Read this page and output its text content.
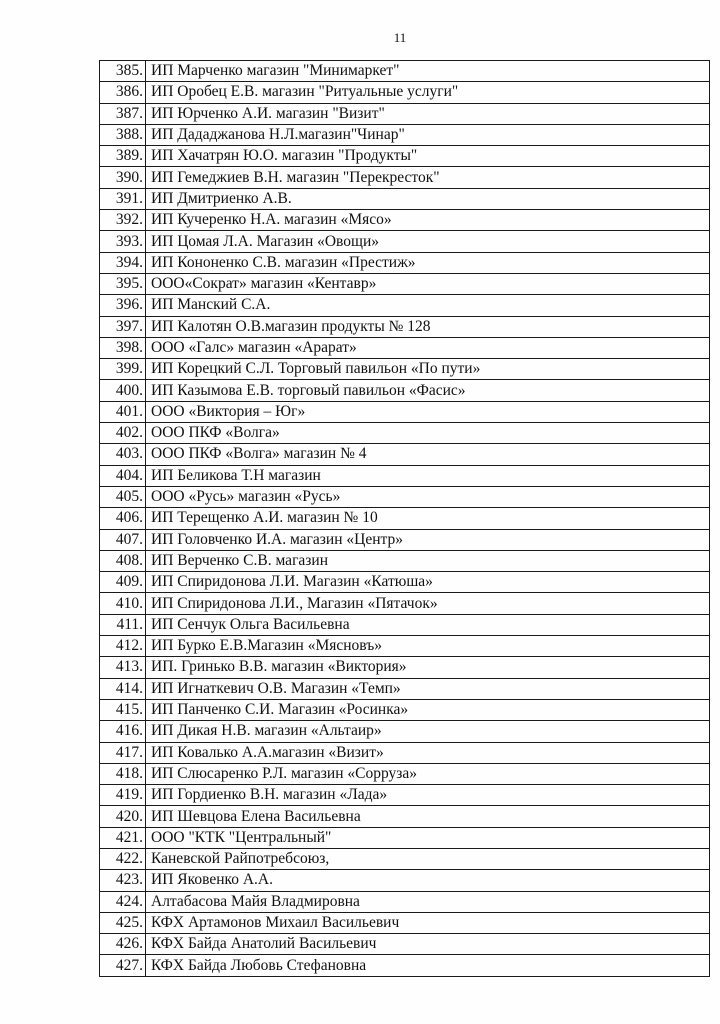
11
385.	ИП Марченко магазин "Минимаркет"
386.	ИП Оробец Е.В. магазин "Ритуальные услуги"
387.	ИП Юрченко А.И. магазин "Визит"
388.	ИП Дададжанова Н.Л.магазин"Чинар"
389.	ИП Хачатрян Ю.О. магазин "Продукты"
390.	ИП Гемеджиев В.Н. магазин "Перекресток"
391.	ИП Дмитриенко А.В.
392.	ИП Кучеренко Н.А. магазин «Мясо»
393.	ИП Цомая Л.А. Магазин «Овощи»
394.	ИП Кононенко С.В. магазин «Престиж»
395.	ООО«Сократ» магазин «Кентавр»
396.	ИП Манский С.А.
397.	ИП Калотян О.В.магазин продукты № 128
398.	ООО «Галс» магазин «Арарат»
399.	ИП Корецкий С.Л. Торговый павильон «По пути»
400.	ИП Казымова Е.В. торговый павильон «Фасис»
401.	ООО «Виктория – Юг»
402.	ООО ПКФ «Волга»
403.	ООО ПКФ «Волга» магазин № 4
404.	ИП Беликова Т.Н магазин
405.	ООО «Русь» магазин «Русь»
406.	ИП Терещенко А.И. магазин № 10
407.	ИП Головченко И.А. магазин «Центр»
408.	ИП Верченко С.В. магазин
409.	ИП Спиридонова Л.И. Магазин «Катюша»
410.	ИП Спиридонова Л.И., Магазин «Пятачок»
411.	ИП Сенчук Ольга Васильевна
412.	ИП Бурко Е.В.Магазин «Мясновъ»
413.	ИП. Гринько В.В. магазин «Виктория»
414.	ИП Игнаткевич О.В. Магазин «Темп»
415.	ИП Панченко С.И. Магазин «Росинка»
416.	ИП Дикая Н.В. магазин «Альтаир»
417.	ИП Ковалько А.А.магазин «Визит»
418.	ИП Слюсаренко Р.Л. магазин «Сорруза»
419.	ИП Гордиенко В.Н. магазин «Лада»
420.	ИП Шевцова Елена Васильевна
421.	ООО "КТК "Центральный"
422.	Каневской Райпотребсоюз,
423.	ИП Яковенко А.А.
424.	Алтабасова Майя Владмировна
425.	КФХ Артамонов Михаил Васильевич
426.	КФХ Байда Анатолий Васильевич
427.	КФХ Байда Любовь Стефановна
